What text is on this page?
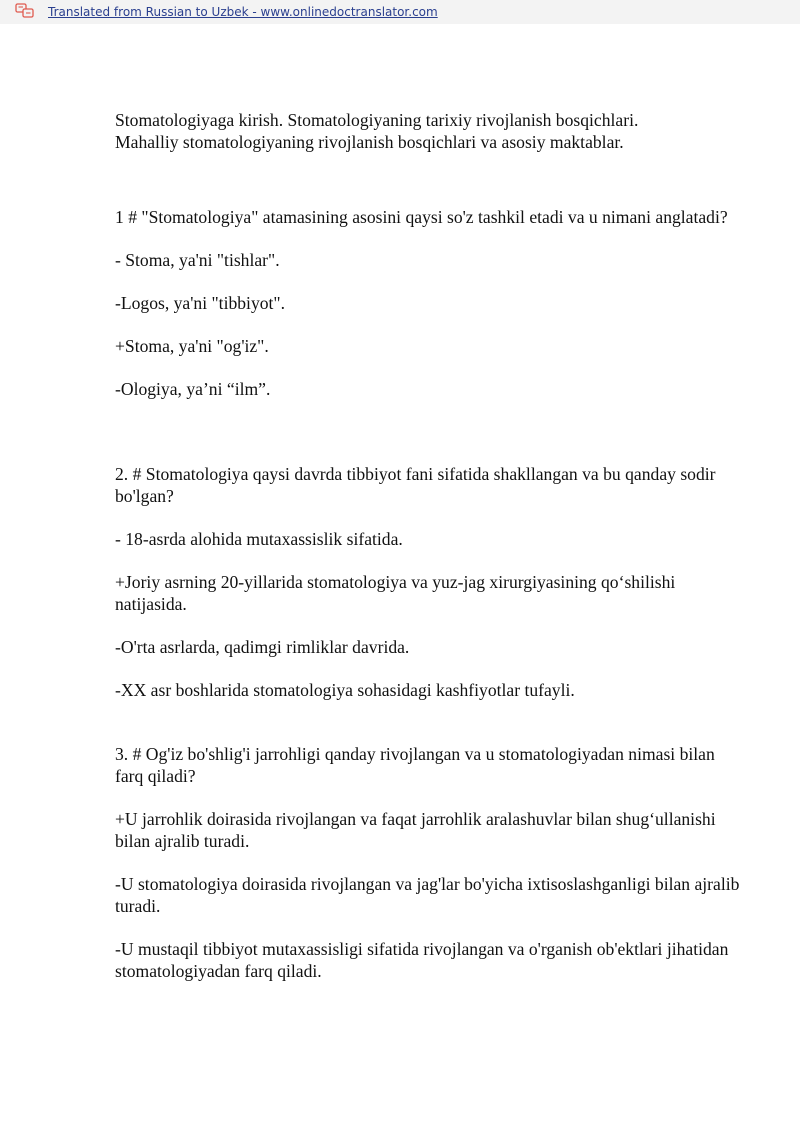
Translated from Russian to Uzbek - www.onlinedoctranslator.com

Stomatologiyaga kirish. Stomatologiyaning tarixiy rivojlanish bosqichlari.

Mahalliy stomatologiyaning rivojlanish bosqichlari va asosiy maktablar.

1 # "Stomatologiya" atamasining asosini qaysi so'z tashkil etadi va u nimani anglatadi?

- Stoma, ya'ni "tishlar".

-Logos, ya'ni "tibbiyot".

+Stoma, ya'ni "og'iz".

-Ologiya, ya’ni “ilm”.

2. # Stomatologiya qaysi davrda tibbiyot fani sifatida shakllangan va bu qanday sodir bo'lgan?

- 18-asrda alohida mutaxassislik sifatida.

+Joriy asrning 20-yillarida stomatologiya va yuz-jag xirurgiyasining qo‘shilishi natijasida.

-O'rta asrlarda, qadimgi rimliklar davrida.

-XX asr boshlarida stomatologiya sohasidagi kashfiyotlar tufayli.

3. # Og'iz bo'shlig'i jarrohligi qanday rivojlangan va u stomatologiyadan nimasi bilan farq qiladi?

+U jarrohlik doirasida rivojlangan va faqat jarrohlik aralashuvlar bilan shug‘ullanishi bilan ajralib turadi.

-U stomatologiya doirasida rivojlangan va jag'lar bo'yicha ixtisoslashganligi bilan ajralib turadi.

-U mustaqil tibbiyot mutaxassisligi sifatida rivojlangan va o'rganish ob'ektlari jihatidan stomatologiyadan farq qiladi.
